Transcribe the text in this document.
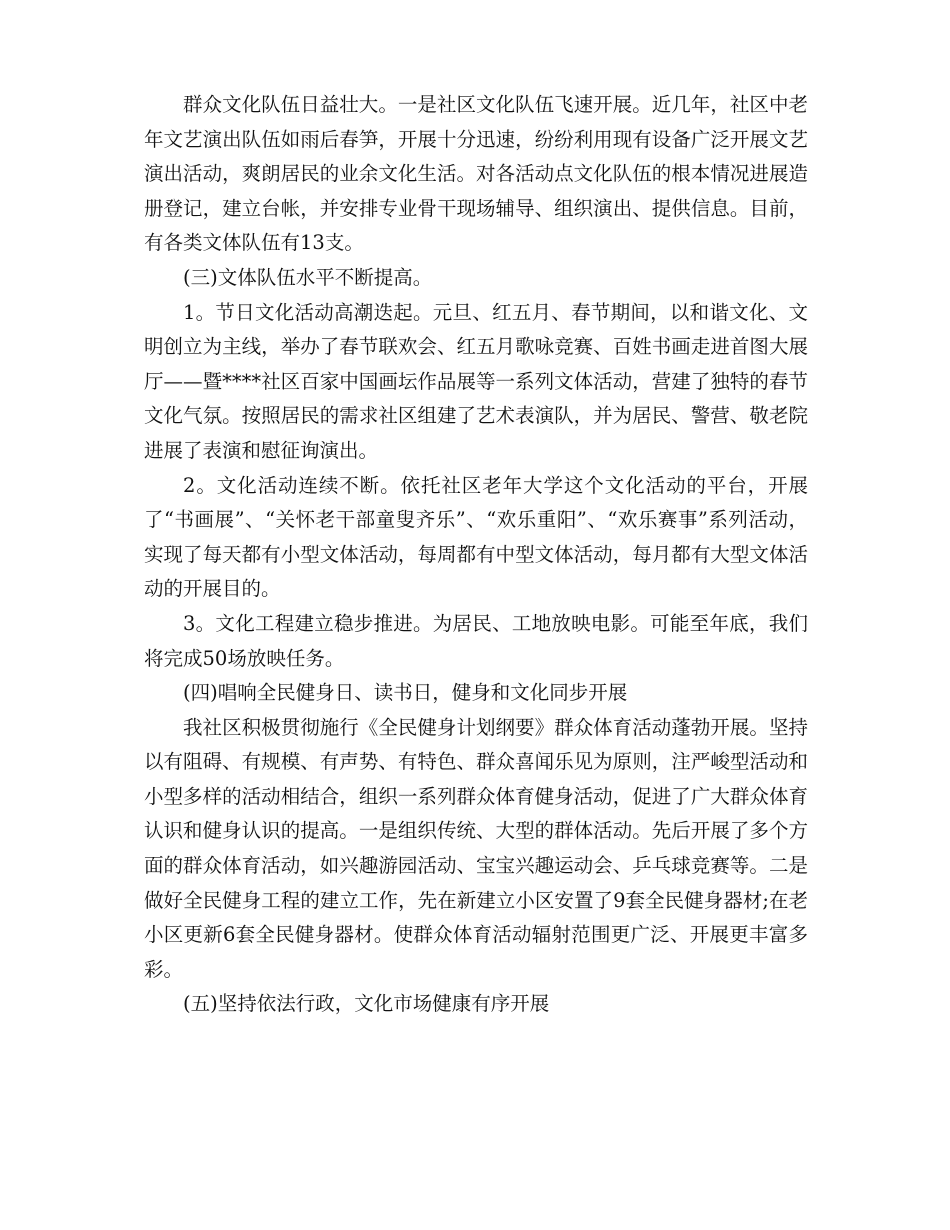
群众文化队伍日益壮大。一是社区文化队伍飞速开展。近几年，社区中老年文艺演出队伍如雨后春笋，开展十分迅速，纷纷利用现有设备广泛开展文艺演出活动，爽朗居民的业余文化生活。对各活动点文化队伍的根本情况进展造册登记，建立台帐，并安排专业骨干现场辅导、组织演出、提供信息。目前，有各类文体队伍有13支。

(三)文体队伍水平不断提高。

1。节日文化活动高潮迭起。元旦、红五月、春节期间，以和谐文化、文明创立为主线，举办了春节联欢会、红五月歌咏竞赛、百姓书画走进首图大展厅——暨****社区百家中国画坛作品展等一系列文体活动，营建了独特的春节文化气氛。按照居民的需求社区组建了艺术表演队，并为居民、警营、敬老院进展了表演和慰征询演出。

2。文化活动连续不断。依托社区老年大学这个文化活动的平台，开展了“书画展”、“关怀老干部童叟齐乐”、“欢乐重阳”、“欢乐赛事”系列活动，实现了每天都有小型文体活动，每周都有中型文体活动，每月都有大型文体活动的开展目的。

3。文化工程建立稳步推进。为居民、工地放映电影。可能至年底，我们将完成50场放映任务。

(四)唱响全民健身日、读书日，健身和文化同步开展

我社区积极贯彻施行《全民健身计划纲要》群众体育活动蓬勃开展。坚持以有阻碍、有规模、有声势、有特色、群众喜闻乐见为原则，注严峻型活动和小型多样的活动相结合，组织一系列群众体育健身活动，促进了广大群众体育认识和健身认识的提高。一是组织传统、大型的群体活动。先后开展了多个方面的群众体育活动，如兴趣游园活动、宝宝兴趣运动会、乒乓球竞赛等。二是做好全民健身工程的建立工作，先在新建立小区安置了9套全民健身器材;在老小区更新6套全民健身器材。使群众体育活动辐射范围更广泛、开展更丰富多彩。

(五)坚持依法行政，文化市场健康有序开展
